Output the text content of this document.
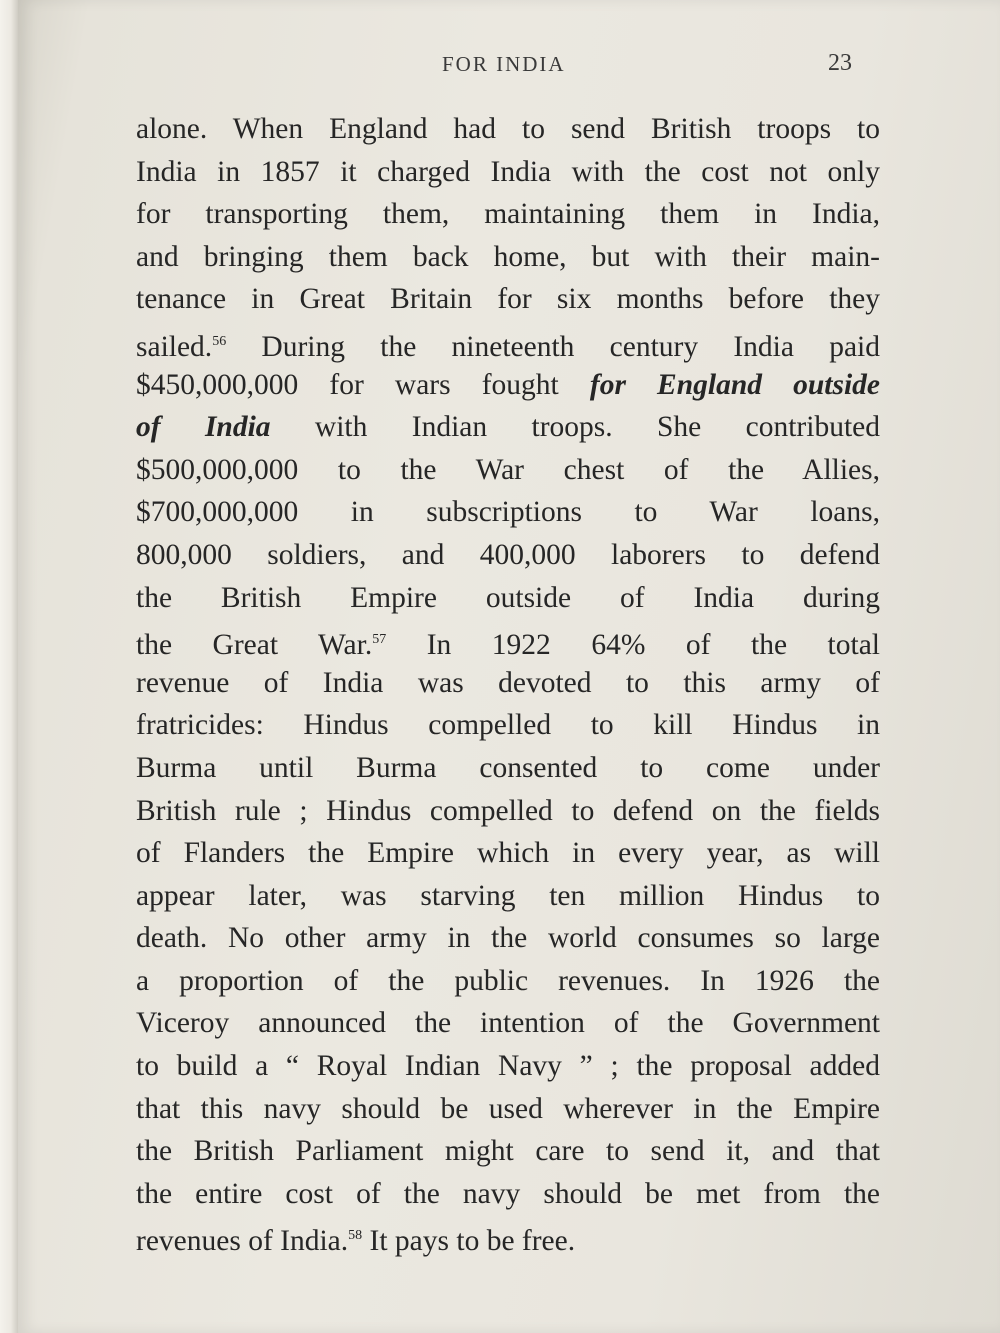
FOR INDIA	23
alone. When England had to send British troops to
India in 1857 it charged India with the cost not only
for transporting them, maintaining them in India,
and bringing them back home, but with their main-
tenance in Great Britain for six months before they
sailed.$^{56}$ During the nineteenth century India paid
$450,000,000 for wars fought for England outside
of India with Indian troops. She contributed
$500,000,000 to the War chest of the Allies,
$700,000,000 in subscriptions to War loans,
800,000 soldiers, and 400,000 laborers to defend
the British Empire outside of India during
the Great War.$^{57}$ In 1922 64% of the total
revenue of India was devoted to this army of
fratricides: Hindus compelled to kill Hindus in
Burma until Burma consented to come under
British rule ; Hindus compelled to defend on the fields
of Flanders the Empire which in every year, as will
appear later, was starving ten million Hindus to
death. No other army in the world consumes so large
a proportion of the public revenues. In 1926 the
Viceroy announced the intention of the Government
to build a “ Royal Indian Navy ” ; the proposal added
that this navy should be used wherever in the Empire
the British Parliament might care to send it, and that
the entire cost of the navy should be met from the
revenues of India.$^{58}$ It pays to be free.
